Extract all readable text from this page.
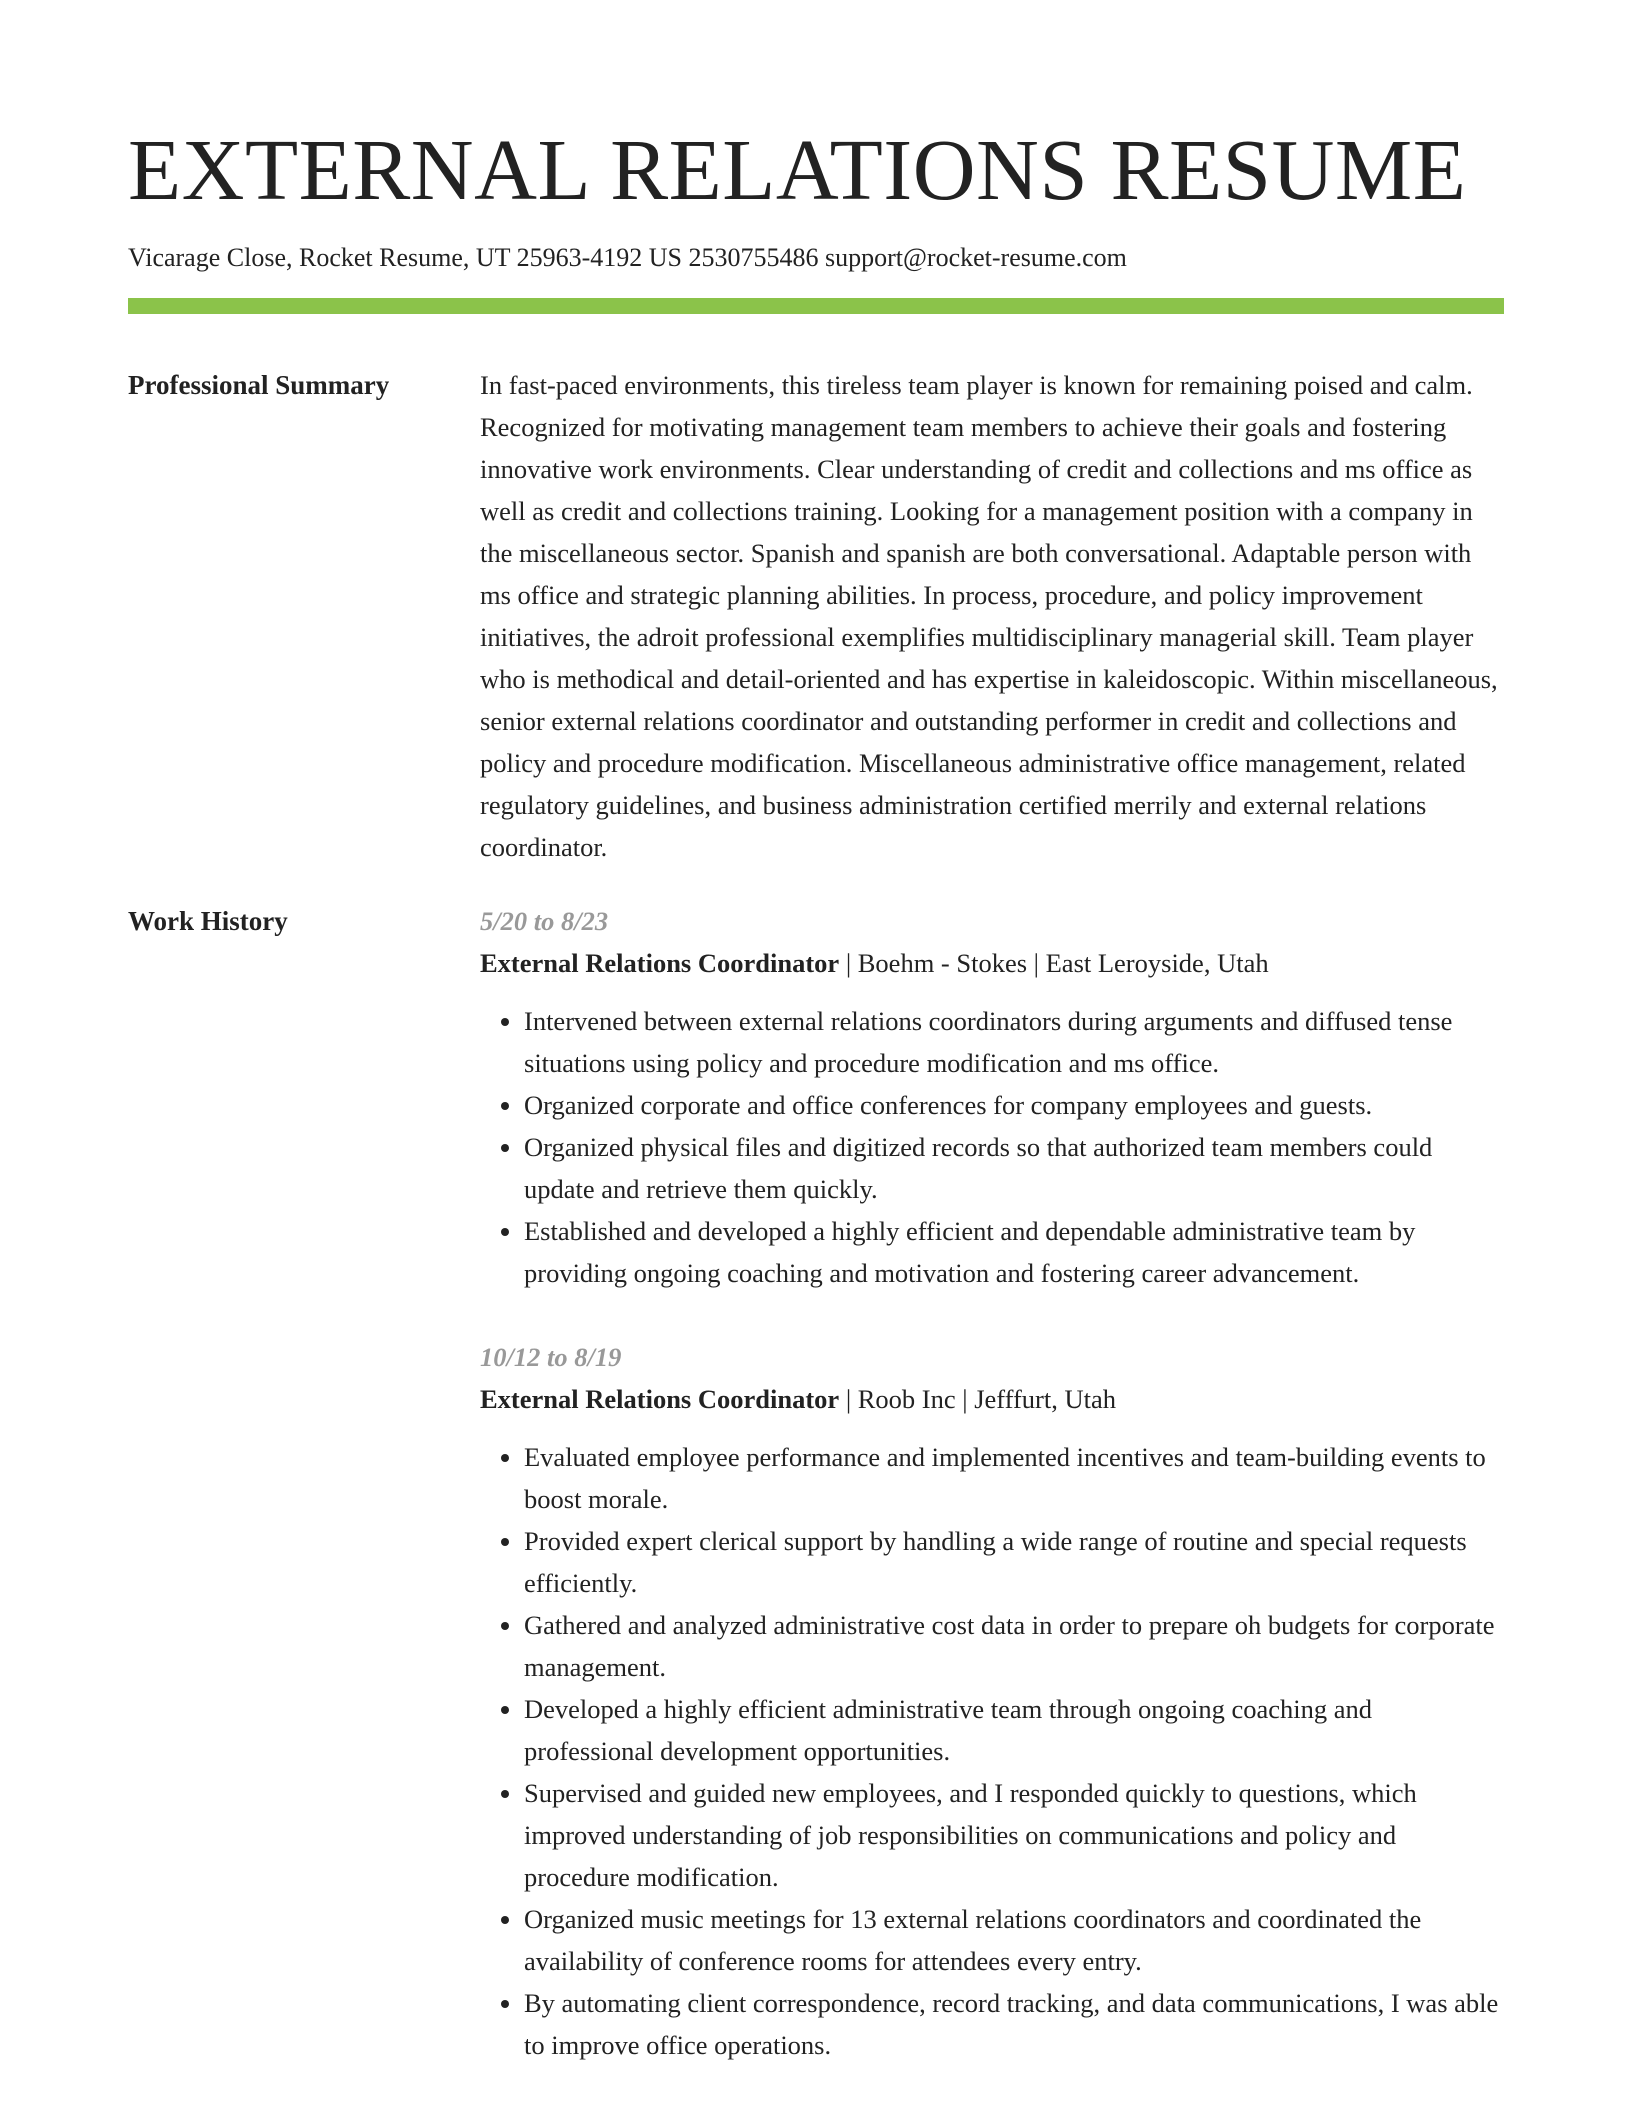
EXTERNAL RELATIONS RESUME
Vicarage Close, Rocket Resume, UT 25963-4192 US 2530755486 support@rocket-resume.com
Professional Summary	In fast-paced environments, this tireless team player is known for remaining poised and calm. Recognized for motivating management team members to achieve their goals and fostering innovative work environments. Clear understanding of credit and collections and ms office as well as credit and collections training. Looking for a management position with a company in the miscellaneous sector. Spanish and spanish are both conversational. Adaptable person with ms office and strategic planning abilities. In process, procedure, and policy improvement initiatives, the adroit professional exemplifies multidisciplinary managerial skill. Team player who is methodical and detail-oriented and has expertise in kaleidoscopic. Within miscellaneous, senior external relations coordinator and outstanding performer in credit and collections and policy and procedure modification. Miscellaneous administrative office management, related regulatory guidelines, and business administration certified merrily and external relations coordinator.

Work History	5/20 to 8/23
External Relations Coordinator | Boehm - Stokes | East Leroyside, Utah
• Intervened between external relations coordinators during arguments and diffused tense situations using policy and procedure modification and ms office.
• Organized corporate and office conferences for company employees and guests.
• Organized physical files and digitized records so that authorized team members could update and retrieve them quickly.
• Established and developed a highly efficient and dependable administrative team by providing ongoing coaching and motivation and fostering career advancement.
10/12 to 8/19
External Relations Coordinator | Roob Inc | Jefffurt, Utah
• Evaluated employee performance and implemented incentives and team-building events to boost morale.
• Provided expert clerical support by handling a wide range of routine and special requests efficiently.
• Gathered and analyzed administrative cost data in order to prepare oh budgets for corporate management.
• Developed a highly efficient administrative team through ongoing coaching and professional development opportunities.
• Supervised and guided new employees, and I responded quickly to questions, which improved understanding of job responsibilities on communications and policy and procedure modification.
• Organized music meetings for 13 external relations coordinators and coordinated the availability of conference rooms for attendees every entry.
• By automating client correspondence, record tracking, and data communications, I was able to improve office operations.
